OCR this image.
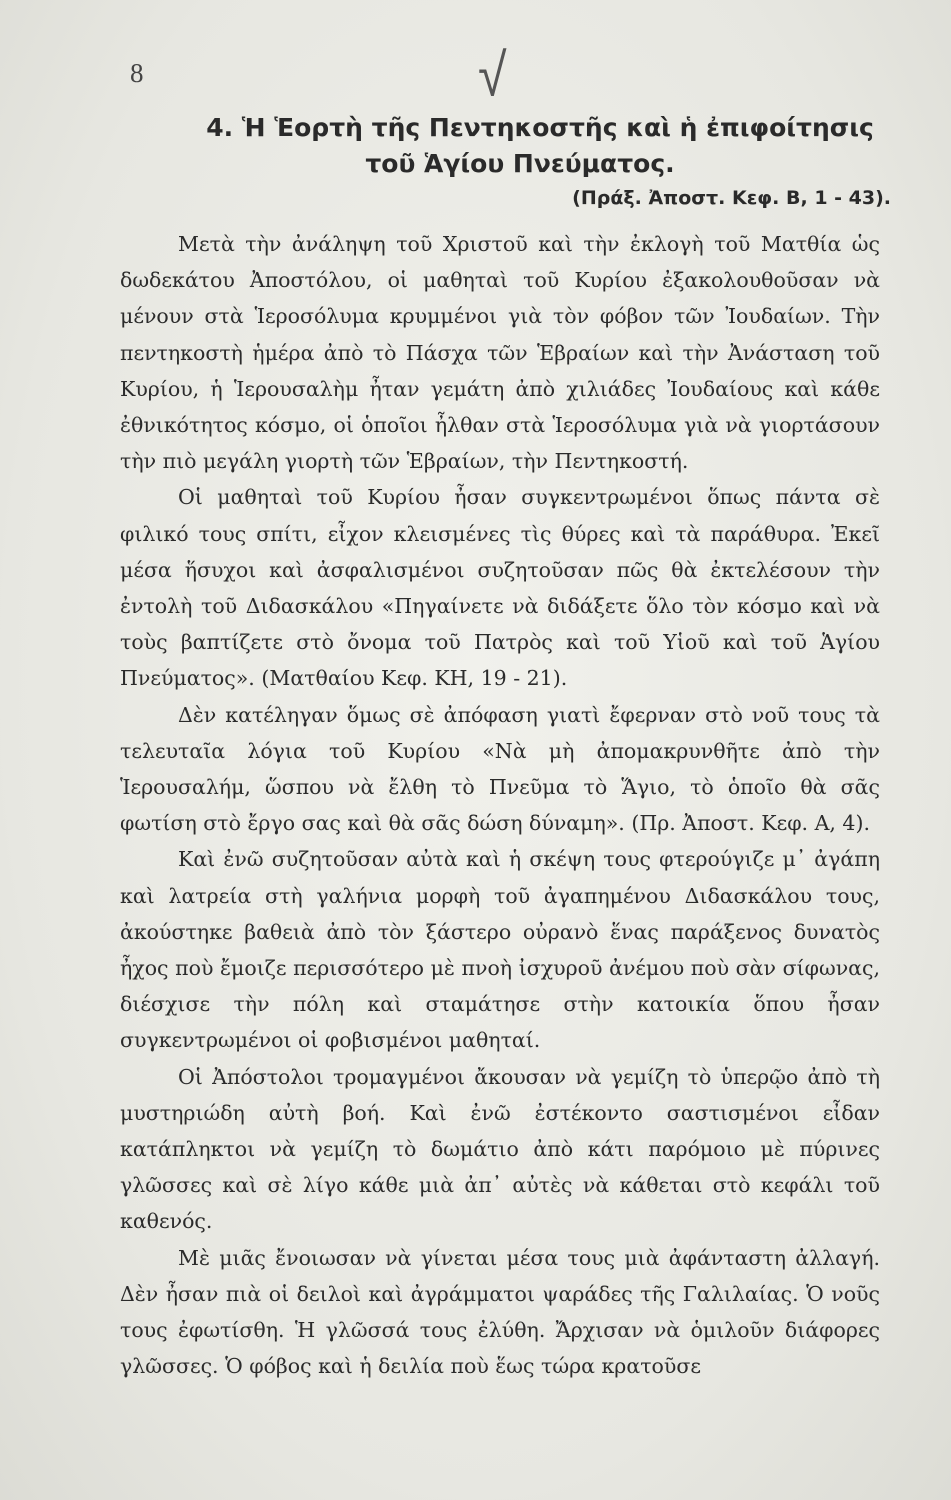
8	√
4. Ἡ Ἑορτὴ τῆς Πεντηκοστῆς καὶ ἡ ἐπιφοίτησις
τοῦ Ἁγίου Πνεύματος.
(Πράξ. Ἀποστ. Κεφ. Β, 1 - 43).

Μετὰ τὴν ἀνάληψη τοῦ Χριστοῦ καὶ τὴν ἐκλογὴ τοῦ Ματθία ὡς δωδεκάτου Ἀποστόλου, οἱ μαθηταὶ τοῦ Κυρίου ἐξακολουθοῦσαν νὰ μένουν στὰ Ἱεροσόλυμα κρυμμένοι γιὰ τὸν φόβον τῶν Ἰουδαίων. Τὴν πεντηκοστὴ ἡμέρα ἀπὸ τὸ Πάσχα τῶν Ἑβραίων καὶ τὴν Ἀνάσταση τοῦ Κυρίου, ἡ Ἱερουσαλὴμ ἦταν γεμάτη ἀπὸ χιλιάδες Ἰουδαίους καὶ κάθε ἐθνικότητος κόσμο, οἱ ὁποῖοι ἦλθαν στὰ Ἱεροσόλυμα γιὰ νὰ γιορτάσουν τὴν πιὸ μεγάλη γιορτὴ τῶν Ἑβραίων, τὴν Πεντηκοστή.

Οἱ μαθηταὶ τοῦ Κυρίου ἦσαν συγκεντρωμένοι ὅπως πάντα σὲ φιλικό τους σπίτι, εἶχον κλεισμένες τὶς θύρες καὶ τὰ παράθυρα. Ἐκεῖ μέσα ἥσυχοι καὶ ἀσφαλισμένοι συζητοῦσαν πῶς θὰ ἐκτελέσουν τὴν ἐντολὴ τοῦ Διδασκάλου «Πηγαίνετε νὰ διδάξετε ὅλο τὸν κόσμο καὶ νὰ τοὺς βαπτίζετε στὸ ὄνομα τοῦ Πατρὸς καὶ τοῦ Υἱοῦ καὶ τοῦ Ἁγίου Πνεύματος». (Ματθαίου Κεφ. ΚΗ, 19 - 21).

Δὲν κατέληγαν ὅμως σὲ ἀπόφαση γιατὶ ἔφερναν στὸ νοῦ τους τὰ τελευταῖα λόγια τοῦ Κυρίου «Νὰ μὴ ἀπομακρυνθῆτε ἀπὸ τὴν Ἱερουσαλήμ, ὥσπου νὰ ἔλθη τὸ Πνεῦμα τὸ Ἅγιο, τὸ ὁποῖο θὰ σᾶς φωτίση στὸ ἔργο σας καὶ θὰ σᾶς δώση δύναμη». (Πρ. Ἀποστ. Κεφ. Α, 4).

Καὶ ἐνῶ συζητοῦσαν αὐτὰ καὶ ἡ σκέψη τους φτερούγιζε μ᾽ ἀγάπη καὶ λατρεία στὴ γαλήνια μορφὴ τοῦ ἀγαπημένου Διδασκάλου τους, ἀκούστηκε βαθειὰ ἀπὸ τὸν ξάστερο οὐρανὸ ἕνας παράξενος δυνατὸς ἦχος ποὺ ἔμοιζε περισσότερο μὲ πνοὴ ἰσχυροῦ ἀνέμου ποὺ σὰν σίφωνας, διέσχισε τὴν πόλη καὶ σταμάτησε στὴν κατοικία ὅπου ἦσαν συγκεντρωμένοι οἱ φοβισμένοι μαθηταί.

Οἱ Ἀπόστολοι τρομαγμένοι ἄκουσαν νὰ γεμίζη τὸ ὑπερῷο ἀπὸ τὴ μυστηριώδη αὐτὴ βοή. Καὶ ἐνῶ ἐστέκοντο σαστισμένοι εἶδαν κατάπληκτοι νὰ γεμίζη τὸ δωμάτιο ἀπὸ κάτι παρόμοιο μὲ πύρινες γλῶσσες καὶ σὲ λίγο κάθε μιὰ ἀπ᾽ αὐτὲς νὰ κάθεται στὸ κεφάλι τοῦ καθενός.

Μὲ μιᾶς ἔνοιωσαν νὰ γίνεται μέσα τους μιὰ ἀφάνταστη ἀλλαγή. Δὲν ἦσαν πιὰ οἱ δειλοὶ καὶ ἀγράμματοι ψαράδες τῆς Γαλιλαίας. Ὁ νοῦς τους ἐφωτίσθη. Ἡ γλῶσσά τους ἐλύθη. Ἄρχισαν νὰ ὁμιλοῦν διάφορες γλῶσσες. Ὁ φόβος καὶ ἡ δειλία ποὺ ἕως τώρα κρατοῦσε
